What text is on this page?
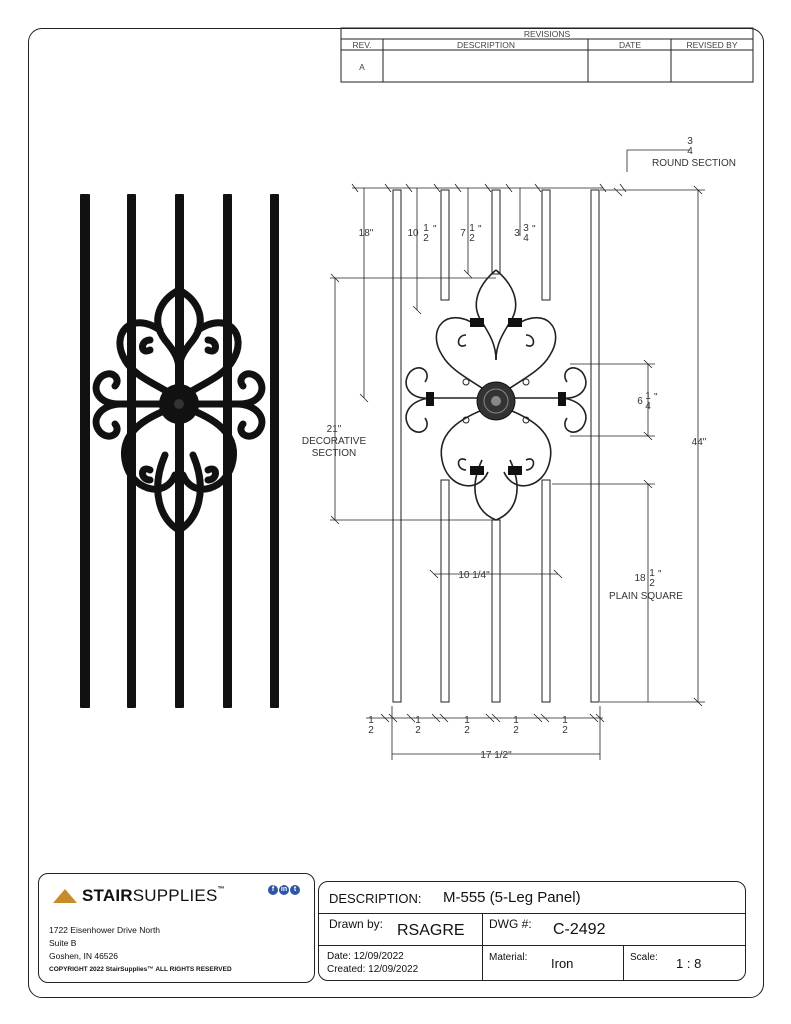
REVISIONS
REV.	DESCRIPTION	DATE	REVISED BY
A
3
4
ROUND SECTION
18"	10 1
2
" 7 1
2
"	3 3
4
"
21"
DECORATIVE
SECTION
6 1
4
"
44"
10 1/4"	18 1
2
"
PLAIN SQUARE
1
2
1
2
1
2
1
2
1
2
17 1/2"
STAIRSUPPLIES™	f in t
1722 Eisenhower Drive North
Suite B
Goshen, IN 46526
COPYRIGHT 2022 StairSupplies™ ALL RIGHTS RESERVED
DESCRIPTION: M-555 (5-Leg Panel)
Drawn by: RSAGRE DWG #: C-2492
Date: 12/09/2022
Created: 12/09/2022
Material: Iron	Scale: 1 : 8
